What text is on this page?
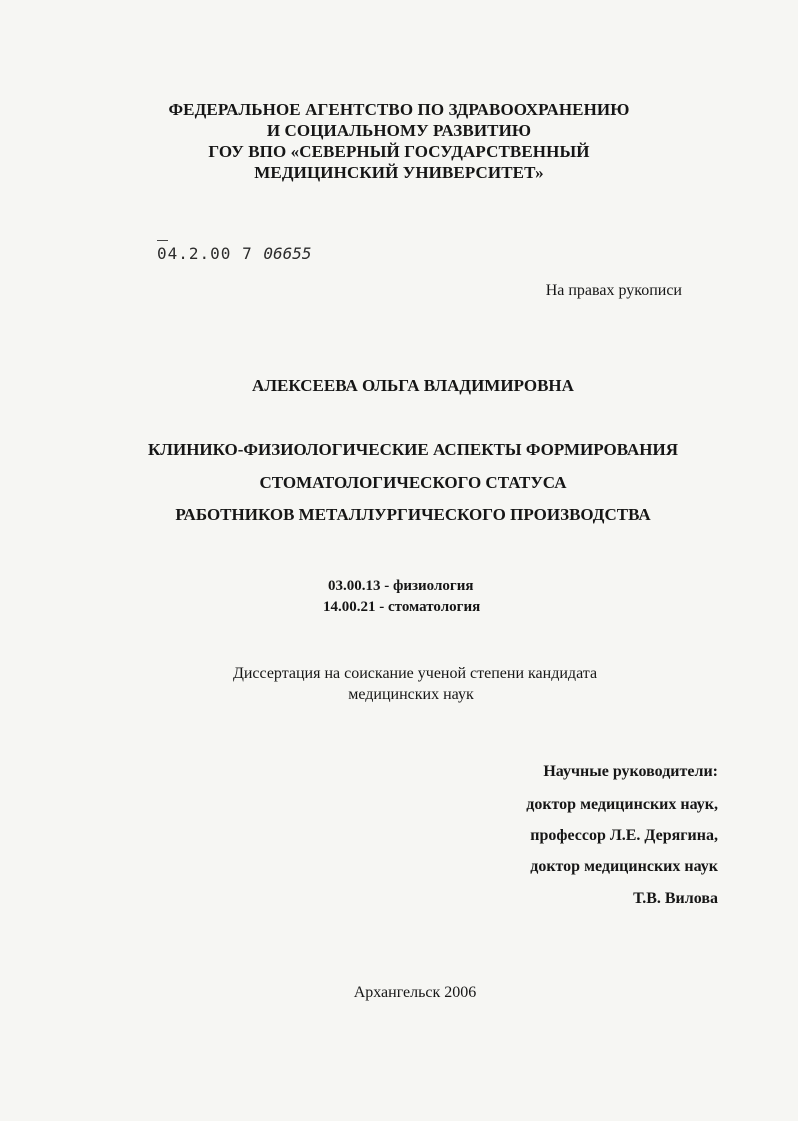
ФЕДЕРАЛЬНОЕ АГЕНТСТВО ПО ЗДРАВООХРАНЕНИЮ
И СОЦИАЛЬНОМУ РАЗВИТИЮ
ГОУ ВПО «СЕВЕРНЫЙ ГОСУДАРСТВЕННЫЙ
МЕДИЦИНСКИЙ УНИВЕРСИТЕТ»
04.2.00 7 06655
На правах рукописи
АЛЕКСЕЕВА ОЛЬГА ВЛАДИМИРОВНА
КЛИНИКО-ФИЗИОЛОГИЧЕСКИЕ АСПЕКТЫ ФОРМИРОВАНИЯ
СТОМАТОЛОГИЧЕСКОГО СТАТУСА
РАБОТНИКОВ МЕТАЛЛУРГИЧЕСКОГО ПРОИЗВОДСТВА
03.00.13 - физиология
14.00.21 - стоматология
Диссертация на соискание ученой степени кандидата
медицинских наук
Научные руководители:
доктор медицинских наук,
профессор Л.Е. Дерягина,
доктор медицинских наук
Т.В. Вилова
Архангельск 2006
